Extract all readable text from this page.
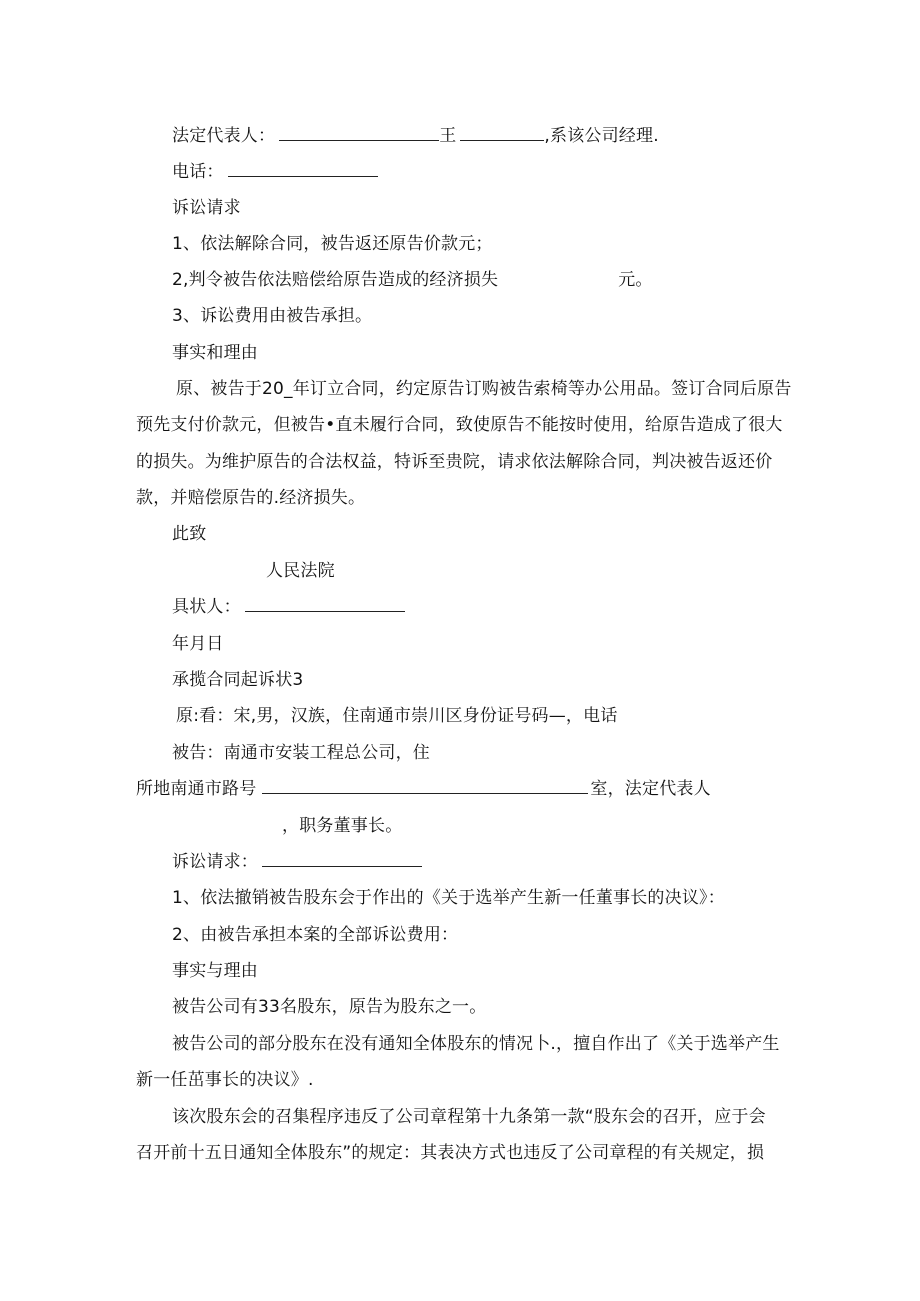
法定代表人：	王	,系该公司经理.
电话：
诉讼请求
1、依法解除合同，被告返还原告价款元；
2,判令被告依法赔偿给原告造成的经济损失	元。
3、诉讼费用由被告承担。
事实和理由
原、被告于20_年订立合同，约定原告订购被告索椅等办公用品。签订合同后原告
预先支付价款元，但被告•直未履行合同，致使原告不能按时使用，给原告造成了很大
的损失。为维护原告的合法权益，特诉至贵院，请求依法解除合同，判决被告返还价
款，并赔偿原告的.经济损失。
此致
人民法院
具状人：
年月日
承揽合同起诉状3
原:看：宋,男，汉族，住南通市崇川区身份证号码—，电话
被告：南通市安装工程总公司，住
所地南通市路号	室，法定代表人
，职务董事长。
诉讼请求：
1、依法撤销被告股东会于作出的《关于选举产生新一任董事长的决议》：
2、由被告承担本案的全部诉讼费用：
事实与理由
被告公司有33名股东，原告为股东之一。
被告公司的部分股东在没有通知全体股东的情况卜.，擅自作出了《关于选举产生
新一任茁事长的决议》.
该次股东会的召集程序违反了公司章程第十九条第一款“股东会的召开，应于会
召开前十五日通知全体股东”的规定：其表决方式也违反了公司章程的有关规定，损
